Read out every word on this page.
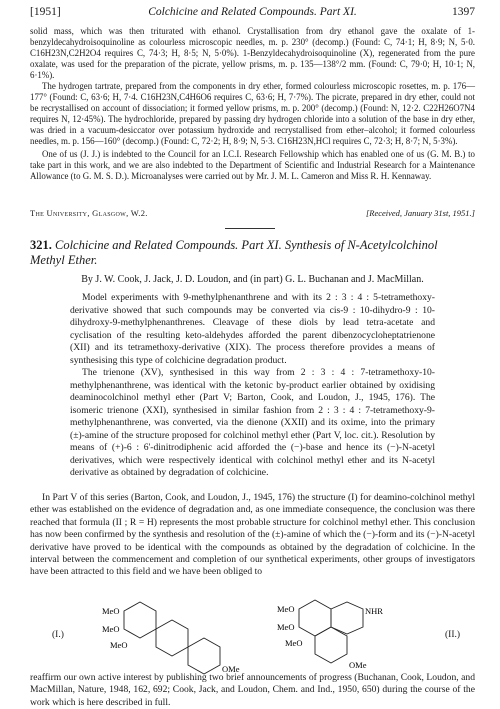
[1951]	Colchicine and Related Compounds. Part XI.	1397

solid mass, which was then triturated with ethanol. Crystallisation from dry ethanol gave the oxalate of 1-benzyldecahydroisoquinoline as colourless microscopic needles, m. p. 230° (decomp.) (Found: C, 74·1; H, 8·9; N, 5·0. C16H23N,C2H2O4 requires C, 74·3; H, 8·5; N, 5·0%). 1-Benzyldecahydroisoquinoline (X), regenerated from the pure oxalate, was used for the preparation of the picrate, yellow prisms, m. p. 135—138°/2 mm. (Found: C, 79·0; H, 10·1; N, 6·1%).

The hydrogen tartrate, prepared from the components in dry ether, formed colourless microscopic rosettes, m. p. 176—177° (Found: C, 63·6; H, 7·4. C16H23N,C4H6O6 requires C, 63·6; H, 7·7%). The picrate, prepared in dry ether, could not be recrystallised on account of dissociation; it formed yellow prisms, m. p. 200° (decomp.) (Found: N, 12·2. C22H26O7N4 requires N, 12·45%). The hydrochloride, prepared by passing dry hydrogen chloride into a solution of the base in dry ether, was dried in a vacuum-desiccator over potassium hydroxide and recrystallised from ether–alcohol; it formed colourless needles, m. p. 156—160° (decomp.) (Found: C, 72·2; H, 8·9; N, 5·3. C16H23N,HCl requires C, 72·3; H, 8·7; N, 5·3%).

One of us (J. J.) is indebted to the Council for an I.C.I. Research Fellowship which has enabled one of us (G. M. B.) to take part in this work, and we are also indebted to the Department of Scientific and Industrial Research for a Maintenance Allowance (to G. M. S. D.). Microanalyses were carried out by Mr. J. M. L. Cameron and Miss R. H. Kennaway.

The University, Glasgow, W.2.	[Received, January 31st, 1951.]
321. Colchicine and Related Compounds. Part XI. Synthesis of N-Acetylcolchinol Methyl Ether.
By J. W. Cook, J. Jack, J. D. Loudon, and (in part) G. L. Buchanan and J. MacMillan.

Model experiments with 9-methylphenanthrene and with its 2 : 3 : 4 : 5-tetramethoxy-derivative showed that such compounds may be converted via cis-9 : 10-dihydro-9 : 10-dihydroxy-9-methylphenanthrenes. Cleavage of these diols by lead tetra-acetate and cyclisation of the resulting keto-aldehydes afforded the parent dibenzocycloheptatrienone (XII) and its tetramethoxy-derivative (XIX). The process therefore provides a means of synthesising this type of colchicine degradation product.

The trienone (XV), synthesised in this way from 2 : 3 : 4 : 7-tetramethoxy-10-methylphenanthrene, was identical with the ketonic by-product earlier obtained by oxidising deaminocolchinol methyl ether (Part V; Barton, Cook, and Loudon, J., 1945, 176). The isomeric trienone (XXI), synthesised in similar fashion from 2 : 3 : 4 : 7-tetramethoxy-9-methylphenanthrene, was converted, via the dienone (XXII) and its oxime, into the primary (±)-amine of the structure proposed for colchinol methyl ether (Part V, loc. cit.). Resolution by means of (+)-6 : 6'-dinitrodiphenic acid afforded the (−)-base and hence its (−)-N-acetyl derivatives, which were respectively identical with colchinol methyl ether and its N-acetyl derivative as obtained by degradation of colchicine.

In Part V of this series (Barton, Cook, and Loudon, J., 1945, 176) the structure (I) for deamino-colchinol methyl ether was established on the evidence of degradation and, as one immediate consequence, the conclusion was there reached that formula (II ; R = H) represents the most probable structure for colchinol methyl ether. This conclusion has now been confirmed by the synthesis and resolution of the (±)-amine of which the (−)-form and its (−)-N-acetyl derivative have proved to be identical with the compounds as obtained by the degradation of colchicine. In the interval between the commencement and completion of our synthetical experiments, other groups of investigators have been attracted to this field and we have been obliged to

(I.)
MeO
MeO
MeO
OMe
MeO
MeO
MeO
NHR
OMe
(II.)

reaffirm our own active interest by publishing two brief announcements of progress (Buchanan, Cook, Loudon, and MacMillan, Nature, 1948, 162, 692; Cook, Jack, and Loudon, Chem. and Ind., 1950, 650) during the course of the work which is here described in full.
